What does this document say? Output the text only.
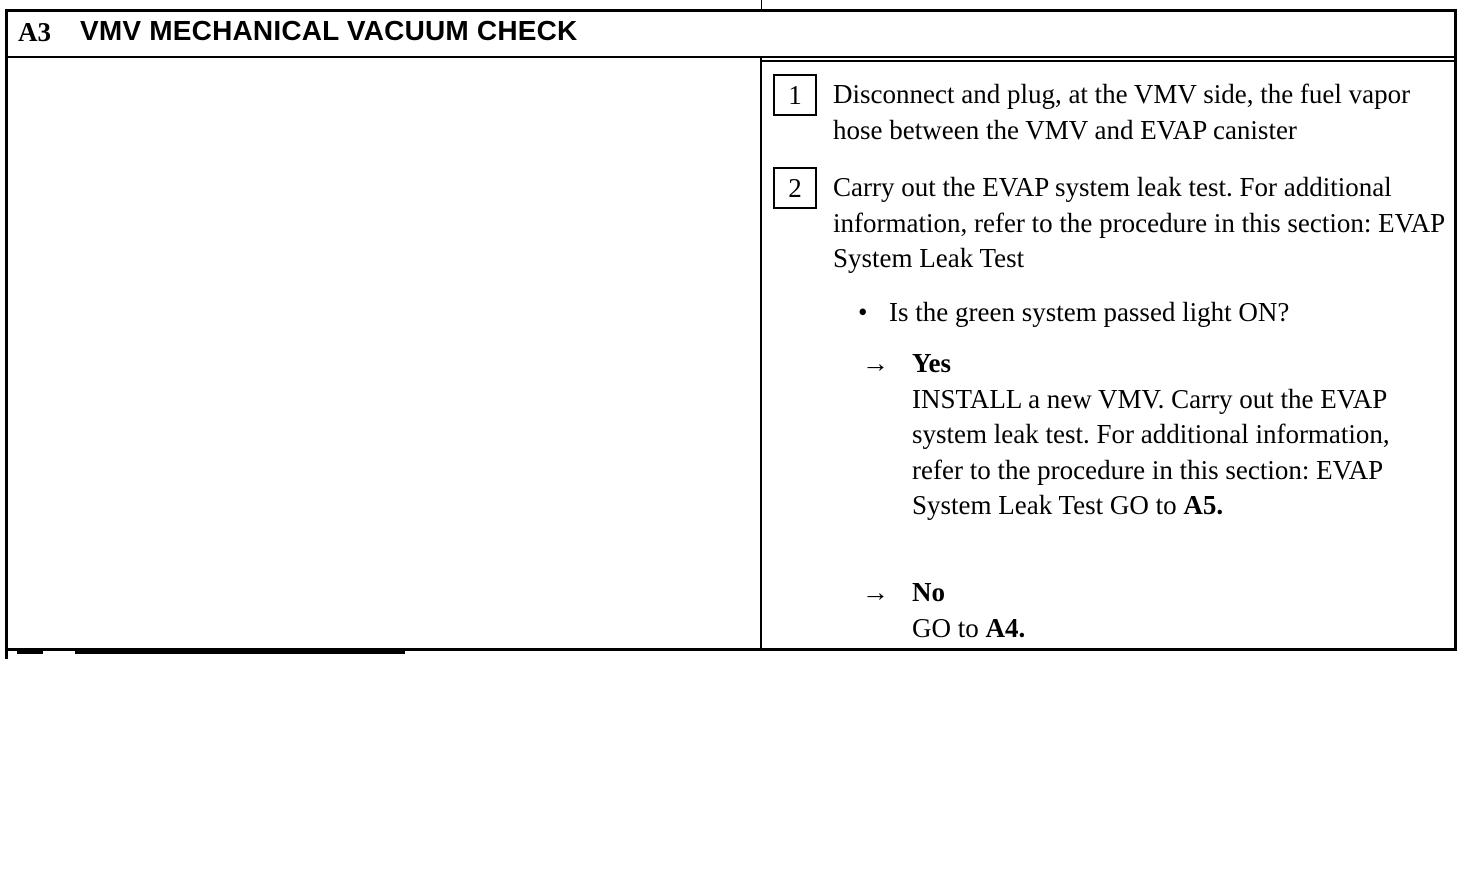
A3 VMV MECHANICAL VACUUM CHECK
1	Disconnect and plug, at the VMV side, the fuel vapor hose between the VMV and EVAP canister
2	Carry out the EVAP system leak test. For additional information, refer to the procedure in this section: EVAP System Leak Test
• Is the green system passed light ON?
→ Yes
INSTALL a new VMV. Carry out the EVAP system leak test. For additional information, refer to the procedure in this section: EVAP System Leak Test GO to A5.
→ No
GO to A4.
